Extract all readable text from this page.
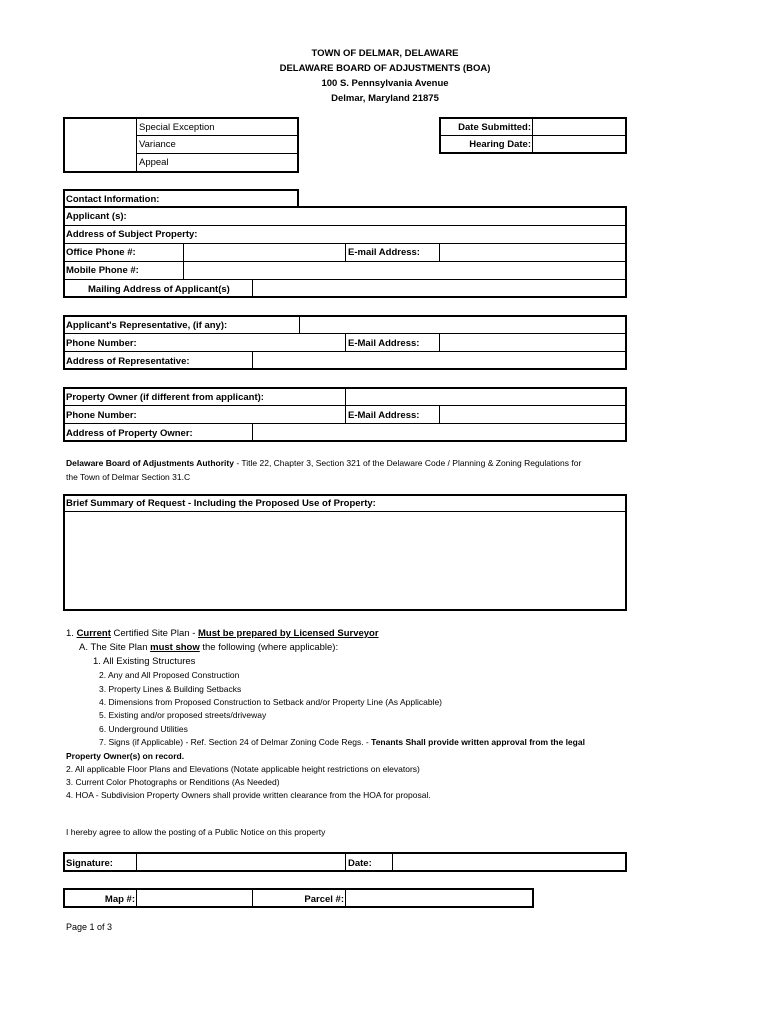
TOWN OF DELMAR, DELAWARE
DELAWARE BOARD OF ADJUSTMENTS (BOA)
100 S. Pennsylvania Avenue
Delmar, Maryland 21875
Special Exception
Variance
Appeal
Date Submitted:
Hearing Date:
Contact Information:
Applicant (s):
Address of Subject Property:
Office Phone #:	E-mail Address:
Mobile Phone #:
Mailing Address of Applicant(s)
Applicant's Representative, (if any):
Phone Number:	E-Mail Address:
Address of Representative:
Property Owner (if different from applicant):
Phone Number:	E-Mail Address:
Address of Property Owner:
Delaware Board of Adjustments Authority - Title 22, Chapter 3, Section 321 of the Delaware Code / Planning & Zoning Regulations for
the Town of Delmar Section 31.C
Brief Summary of Request - Including the Proposed Use of Property:
1. Current Certified Site Plan - Must be prepared by Licensed Surveyor
A. The Site Plan must show the following (where applicable):
1. All Existing Structures
2. Any and All Proposed Construction
3. Property Lines & Building Setbacks
4. Dimensions from Proposed Construction to Setback and/or Property Line (As Applicable)
5. Existing and/or proposed streets/driveway
6. Underground Utilities
7. Signs (if Applicable) - Ref. Section 24 of Delmar Zoning Code Regs. - Tenants Shall provide written approval from the legal
Property Owner(s) on record.
2. All applicable Floor Plans and Elevations (Notate applicable height restrictions on elevators)
3. Current Color Photographs or Renditions (As Needed)
4. HOA - Subdivision Property Owners shall provide written clearance from the HOA for proposal.
I hereby agree to allow the posting of a Public Notice on this property
Signature:	Date:
Map #:	Parcel #:
Page 1 of 3
